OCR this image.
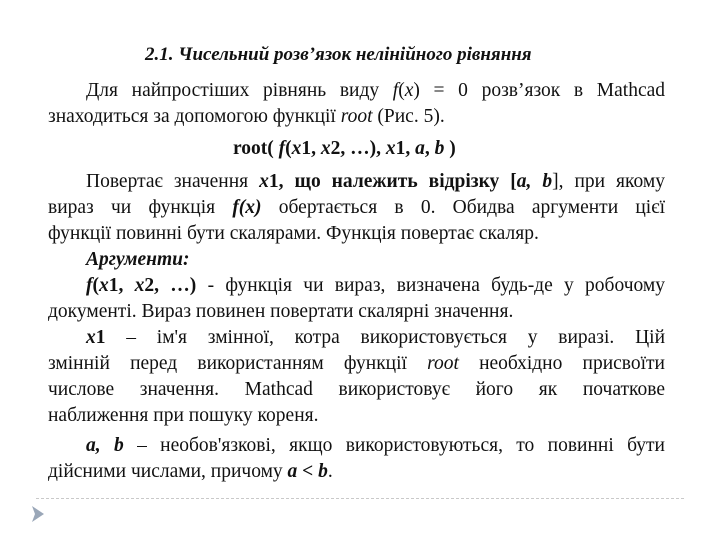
2.1. Чисельний розв’язок нелінійного рівняння
Для найпростіших рівнянь виду f(x) = 0 розв’язок в Mathcad
знаходиться за допомогою функції root (Рис. 5).
root( f(x1, x2, …), x1, a, b )
Повертає значення x1, що належить відрізку [a, b], при якому
вираз чи функція f(x) обертається в 0. Обидва аргументи цієї
функції повинні бути скалярами. Функція повертає скаляр.
Аргументи:
f(x1, x2, …) - функція чи вираз, визначена будь-де у робочому
документі. Вираз повинен повертати скалярні значення.
x1 – ім'я змінної, котра використовується у виразі. Цій
змінній перед використанням функції root необхідно присвоїти
числове значення. Mathcad використовує його як початкове
наближення при пошуку кореня.
a, b – необов'язкові, якщо використовуються, то повинні бути
дійсними числами, причому a < b.
